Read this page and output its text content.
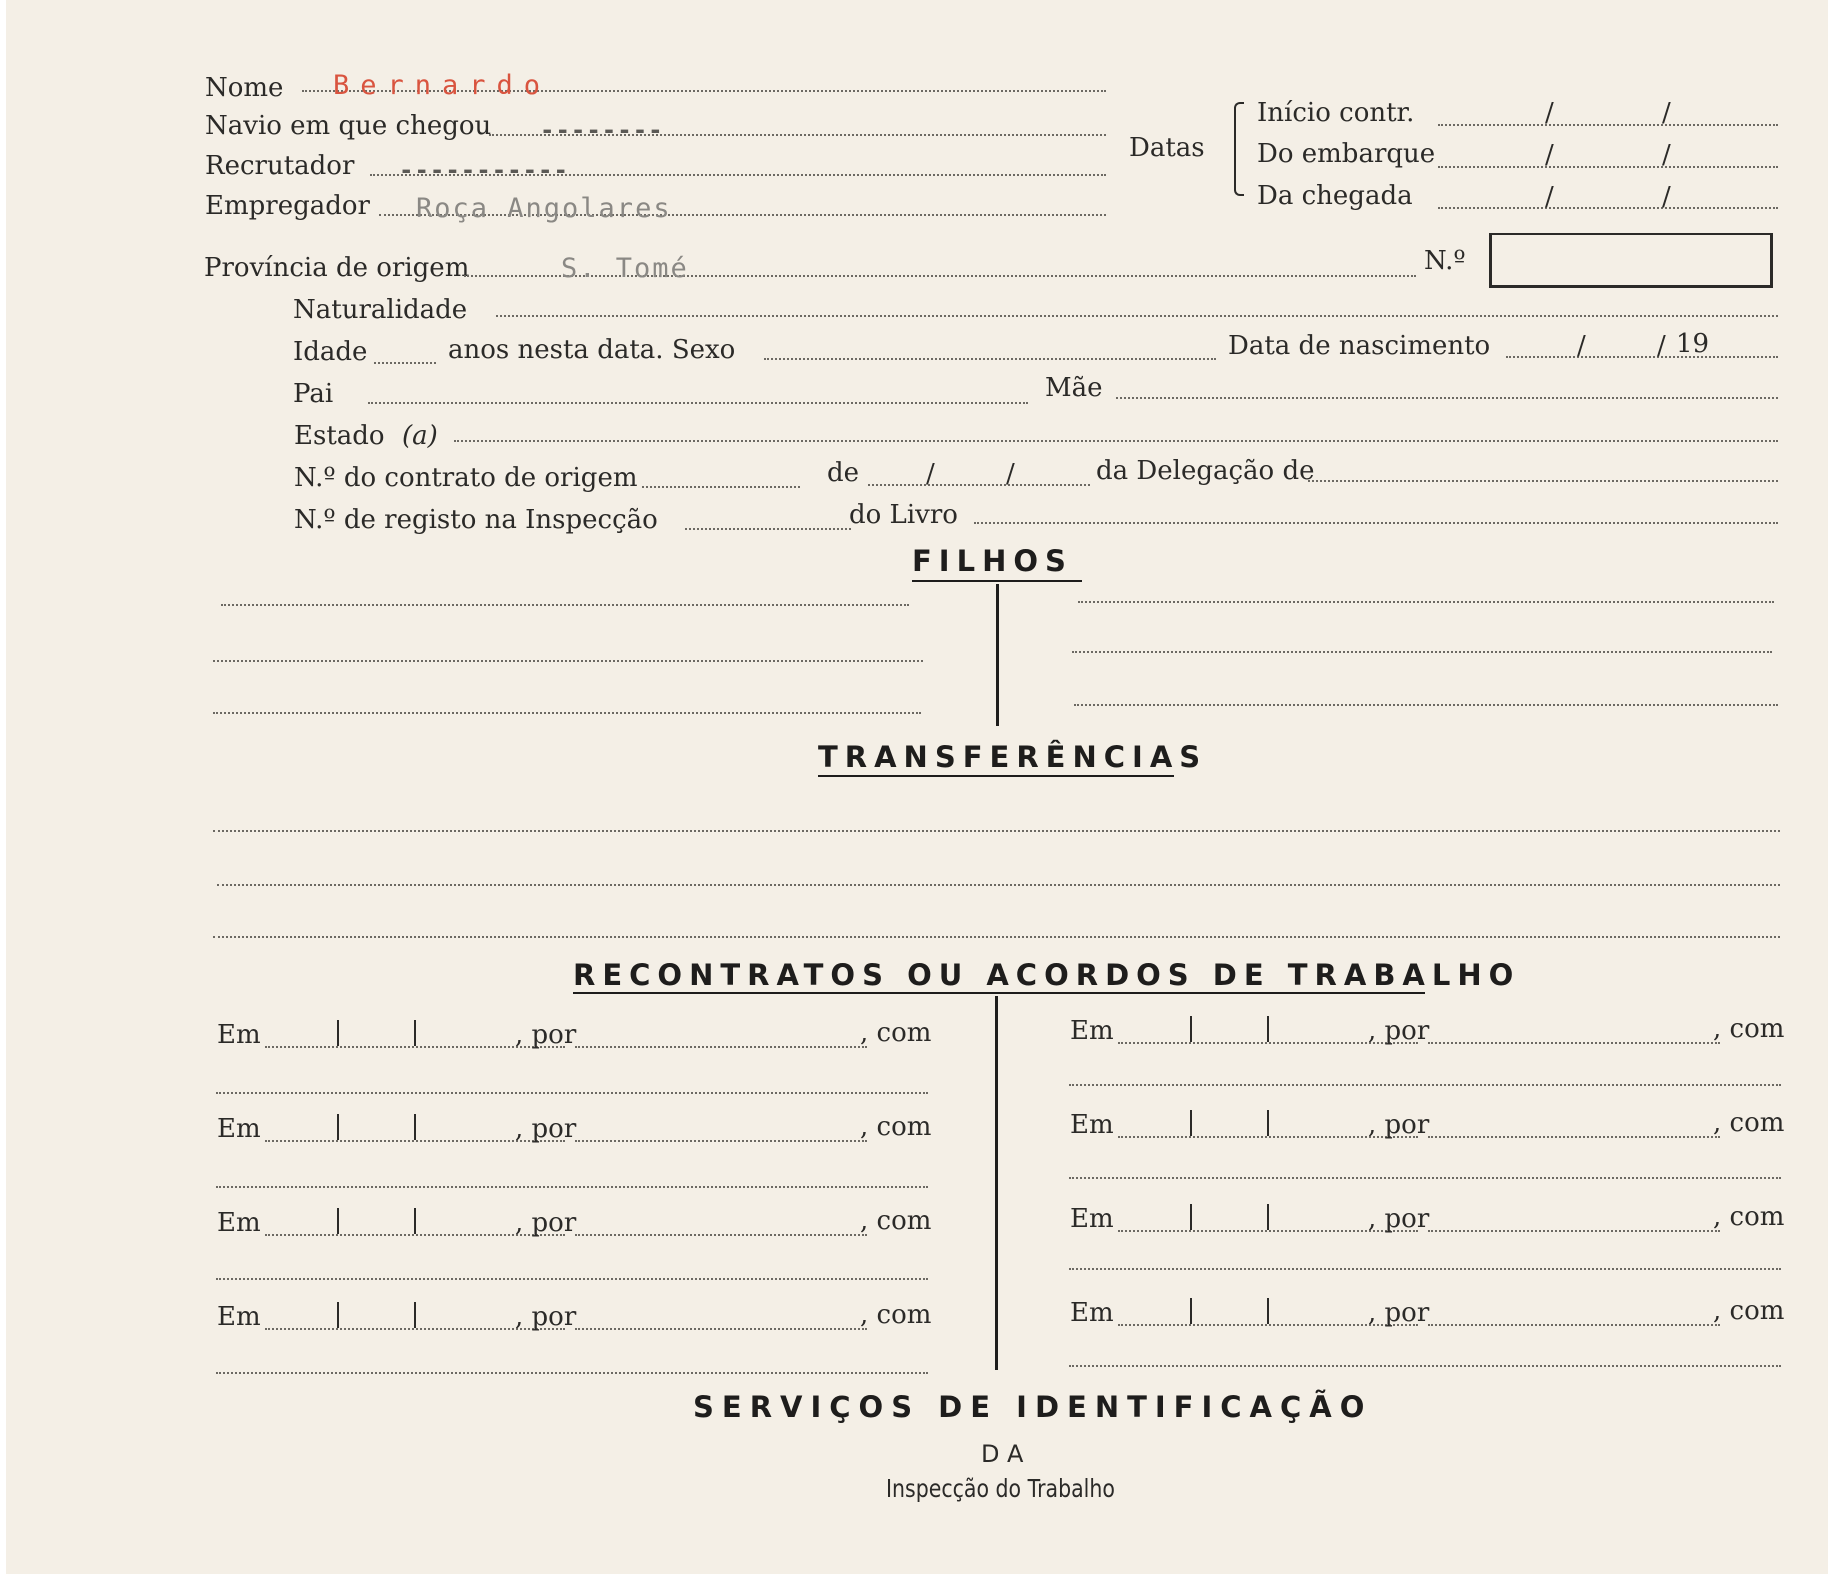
Nome Bernardo
Navio em que chegou --------
Recrutador -----------
Empregador Roça Angolares
Datas
Início contr.	/	/
Do embarque	/	/
Da chegada	/	/
Província de origem	S. Tomé	N.º
Naturalidade
Idade	anos nesta data. Sexo	Data de nascimento	/	/ 19
Pai	Mãe
Estado (a)
N.º do contrato de origem	de	/	/	da Delegação de
N.º de registo na Inspecção	do Livro
FILHOS
TRANSFERÊNCIAS
RECONTRATOS OU ACORDOS DE TRABALHO
Em	, por	, com
Em	, por	, com
Em	, por	, com
Em	, por	, com
Em	, por	, com
Em	, por	, com
Em	, por	, com
Em	, por	, com
SERVIÇOS DE IDENTIFICAÇÃO
DA
Inspecção do Trabalho
